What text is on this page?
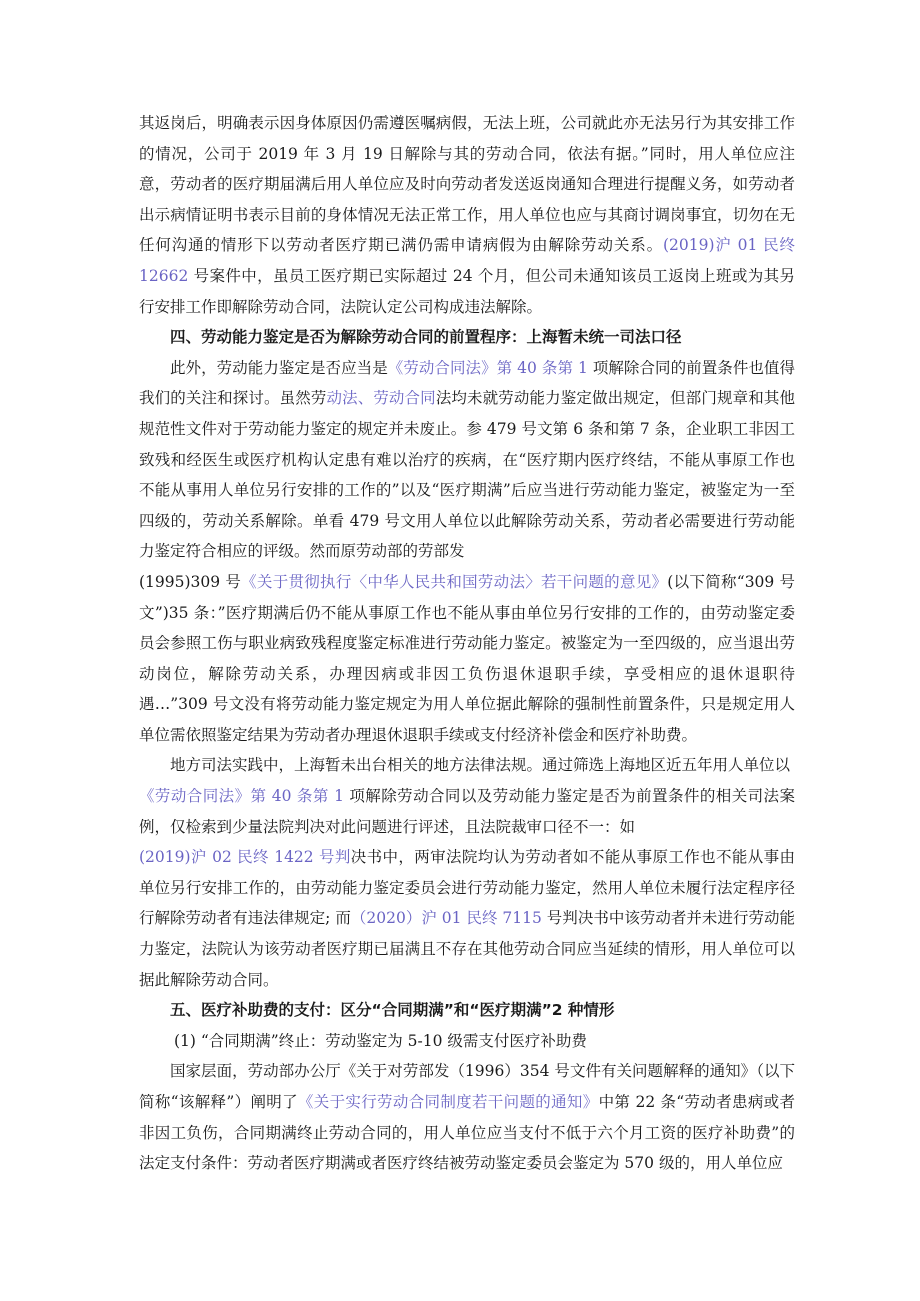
其返岗后，明确表示因身体原因仍需遵医嘱病假，无法上班，公司就此亦无法另行为其安排工作的情况，公司于 2019 年 3 月 19 日解除与其的劳动合同，依法有据。”同时，用人单位应注意，劳动者的医疗期届满后用人单位应及时向劳动者发送返岗通知合理进行提醒义务，如劳动者出示病情证明书表示目前的身体情况无法正常工作，用人单位也应与其商讨调岗事宜，切勿在无任何沟通的情形下以劳动者医疗期已满仍需申请病假为由解除劳动关系。(2019)沪 01 民终 12662 号案件中，虽员工医疗期已实际超过 24 个月，但公司未通知该员工返岗上班或为其另行安排工作即解除劳动合同，法院认定公司构成违法解除。

四、劳动能力鉴定是否为解除劳动合同的前置程序：上海暂未统一司法口径

此外，劳动能力鉴定是否应当是《劳动合同法》第 40 条第 1 项解除合同的前置条件也值得我们的关注和探讨。虽然劳动法、劳动合同法均未就劳动能力鉴定做出规定，但部门规章和其他规范性文件对于劳动能力鉴定的规定并未废止。参 479 号文第 6 条和第 7 条，企业职工非因工致残和经医生或医疗机构认定患有难以治疗的疾病，在“医疗期内医疗终结，不能从事原工作也不能从事用人单位另行安排的工作的”以及“医疗期满”后应当进行劳动能力鉴定，被鉴定为一至四级的，劳动关系解除。单看 479 号文用人单位以此解除劳动关系，劳动者必需要进行劳动能力鉴定符合相应的评级。然而原劳动部的劳部发

(1995)309 号《关于贯彻执行〈中华人民共和国劳动法〉若干问题的意见》(以下简称“309 号文”)35 条：”医疗期满后仍不能从事原工作也不能从事由单位另行安排的工作的，由劳动鉴定委员会参照工伤与职业病致残程度鉴定标准进行劳动能力鉴定。被鉴定为一至四级的，应当退出劳动岗位，解除劳动关系，办理因病或非因工负伤退休退职手续，享受相应的退休退职待遇…”309 号文没有将劳动能力鉴定规定为用人单位据此解除的强制性前置条件，只是规定用人单位需依照鉴定结果为劳动者办理退休退职手续或支付经济补偿金和医疗补助费。

地方司法实践中，上海暂未出台相关的地方法律法规。通过筛选上海地区近五年用人单位以

《劳动合同法》第 40 条第 1 项解除劳动合同以及劳动能力鉴定是否为前置条件的相关司法案例，仅检索到少量法院判决对此问题进行评述，且法院裁审口径不一：如

(2019)沪 02 民终 1422 号判决书中，两审法院均认为劳动者如不能从事原工作也不能从事由单位另行安排工作的，由劳动能力鉴定委员会进行劳动能力鉴定，然用人单位未履行法定程序径行解除劳动者有违法律规定; 而（2020）沪 01 民终 7115 号判决书中该劳动者并未进行劳动能力鉴定，法院认为该劳动者医疗期已届满且不存在其他劳动合同应当延续的情形，用人单位可以据此解除劳动合同。

五、医疗补助费的支付：区分“合同期满”和“医疗期满”2 种情形

(1) “合同期满”终止：劳动鉴定为 5-10 级需支付医疗补助费

国家层面，劳动部办公厅《关于对劳部发（1996）354 号文件有关问题解释的通知》（以下简称“该解释”）阐明了《关于实行劳动合同制度若干问题的通知》中第 22 条“劳动者患病或者非因工负伤，合同期满终止劳动合同的，用人单位应当支付不低于六个月工资的医疗补助费”的法定支付条件：劳动者医疗期满或者医疗终结被劳动鉴定委员会鉴定为 570 级的，用人单位应
